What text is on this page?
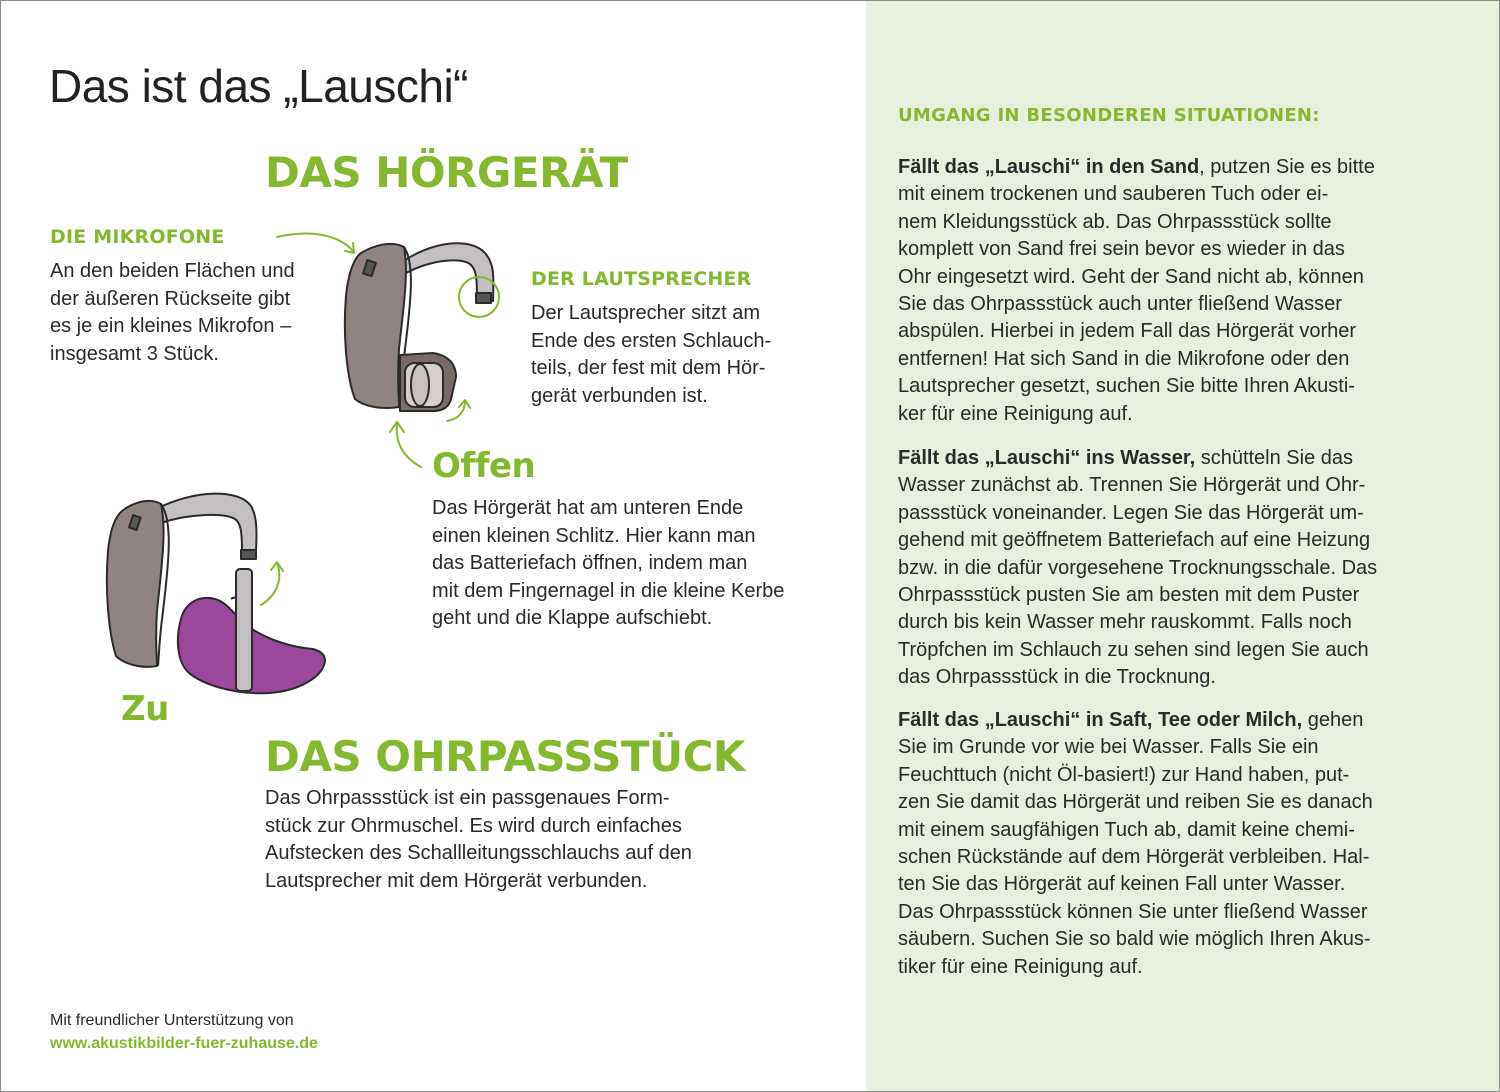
Das ist das „Lauschi“
DAS HÖRGERÄT
DIE MIKROFONE
An den beiden Flächen und
der äußeren Rückseite gibt
es je ein kleines Mikrofon –
insgesamt 3 Stück.
DER LAUTSPRECHER
Der Lautsprecher sitzt am
Ende des ersten Schlauch-
teils, der fest mit dem Hör-
gerät verbunden ist.
Offen
Das Hörgerät hat am unteren Ende
einen kleinen Schlitz. Hier kann man
das Batteriefach öffnen, indem man
mit dem Fingernagel in die kleine Kerbe
geht und die Klappe aufschiebt.
Zu
DAS OHRPASSSTÜCK
Das Ohrpassstück ist ein passgenaues Form-
stück zur Ohrmuschel. Es wird durch einfaches
Aufstecken des Schallleitungsschlauchs auf den
Lautsprecher mit dem Hörgerät verbunden.
Mit freundlicher Unterstützung von
www.akustikbilder-fuer-zuhause.de
UMGANG IN BESONDEREN SITUATIONEN:
Fällt das „Lauschi“ in den Sand, putzen Sie es bitte
mit einem trockenen und sauberen Tuch oder ei-
nem Kleidungsstück ab. Das Ohrpassstück sollte
komplett von Sand frei sein bevor es wieder in das
Ohr eingesetzt wird. Geht der Sand nicht ab, können
Sie das Ohrpassstück auch unter fließend Wasser
abspülen. Hierbei in jedem Fall das Hörgerät vorher
entfernen! Hat sich Sand in die Mikrofone oder den
Lautsprecher gesetzt, suchen Sie bitte Ihren Akusti-
ker für eine Reinigung auf.
Fällt das „Lauschi“ ins Wasser, schütteln Sie das
Wasser zunächst ab. Trennen Sie Hörgerät und Ohr-
passstück voneinander. Legen Sie das Hörgerät um-
gehend mit geöffnetem Batteriefach auf eine Heizung
bzw. in die dafür vorgesehene Trocknungsschale. Das
Ohrpassstück pusten Sie am besten mit dem Puster
durch bis kein Wasser mehr rauskommt. Falls noch
Tröpfchen im Schlauch zu sehen sind legen Sie auch
das Ohrpassstück in die Trocknung.
Fällt das „Lauschi“ in Saft, Tee oder Milch, gehen
Sie im Grunde vor wie bei Wasser. Falls Sie ein
Feuchttuch (nicht Öl-basiert!) zur Hand haben, put-
zen Sie damit das Hörgerät und reiben Sie es danach
mit einem saugfähigen Tuch ab, damit keine chemi-
schen Rückstände auf dem Hörgerät verbleiben. Hal-
ten Sie das Hörgerät auf keinen Fall unter Wasser.
Das Ohrpassstück können Sie unter fließend Wasser
säubern. Suchen Sie so bald wie möglich Ihren Akus-
tiker für eine Reinigung auf.
